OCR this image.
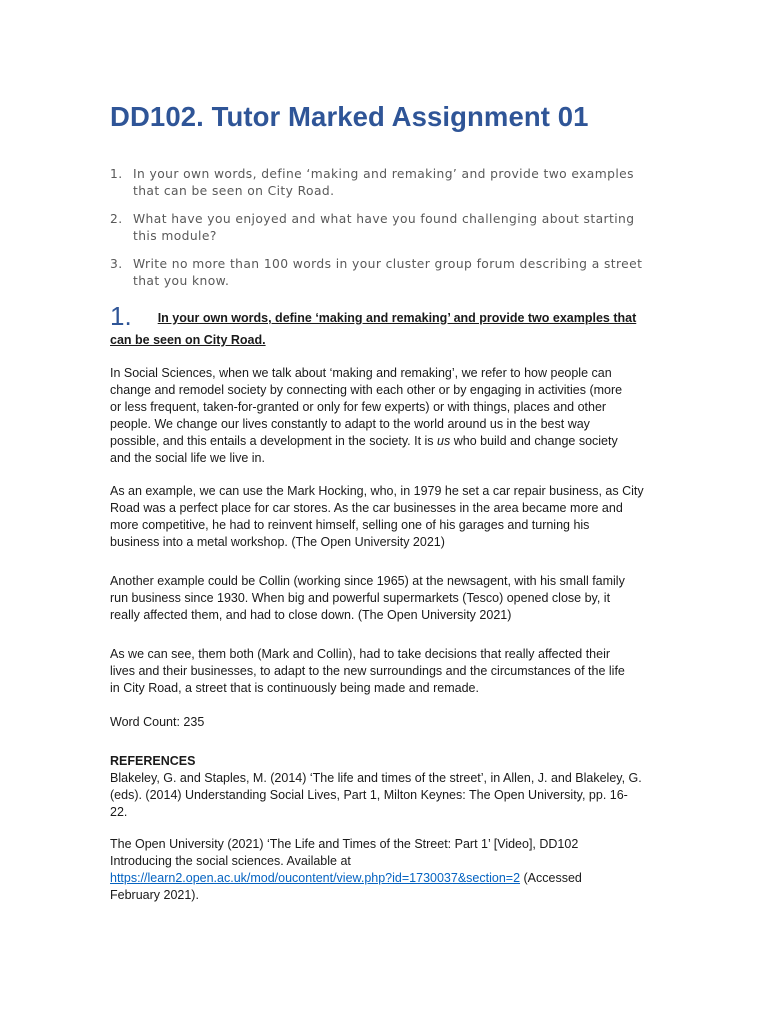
DD102. Tutor Marked Assignment 01
1. In your own words, define ‘making and remaking’ and provide two examples
that can be seen on City Road.
2. What have you enjoyed and what have you found challenging about starting
this module?
3. Write no more than 100 words in your cluster group forum describing a street
that you know.
1. In your own words, define ‘making and remaking’ and provide two examples that
can be seen on City Road.

In Social Sciences, when we talk about ‘making and remaking’, we refer to how people can
change and remodel society by connecting with each other or by engaging in activities (more
or less frequent, taken-for-granted or only for few experts) or with things, places and other
people. We change our lives constantly to adapt to the world around us in the best way
possible, and this entails a development in the society. It is us who build and change society
and the social life we live in.

As an example, we can use the Mark Hocking, who, in 1979 he set a car repair business, as City
Road was a perfect place for car stores. As the car businesses in the area became more and
more competitive, he had to reinvent himself, selling one of his garages and turning his
business into a metal workshop. (The Open University 2021)

Another example could be Collin (working since 1965) at the newsagent, with his small family
run business since 1930. When big and powerful supermarkets (Tesco) opened close by, it
really affected them, and had to close down. (The Open University 2021)

As we can see, them both (Mark and Collin), had to take decisions that really affected their
lives and their businesses, to adapt to the new surroundings and the circumstances of the life
in City Road, a street that is continuously being made and remade.

Word Count: 235

REFERENCES

Blakeley, G. and Staples, M. (2014) ‘The life and times of the street’, in Allen, J. and Blakeley, G.
(eds). (2014) Understanding Social Lives, Part 1, Milton Keynes: The Open University, pp. 16-
22.

The Open University (2021) ‘The Life and Times of the Street: Part 1’ [Video], DD102
Introducing the social sciences. Available at
https://learn2.open.ac.uk/mod/oucontent/view.php?id=1730037&section=2 (Accessed
February 2021).
